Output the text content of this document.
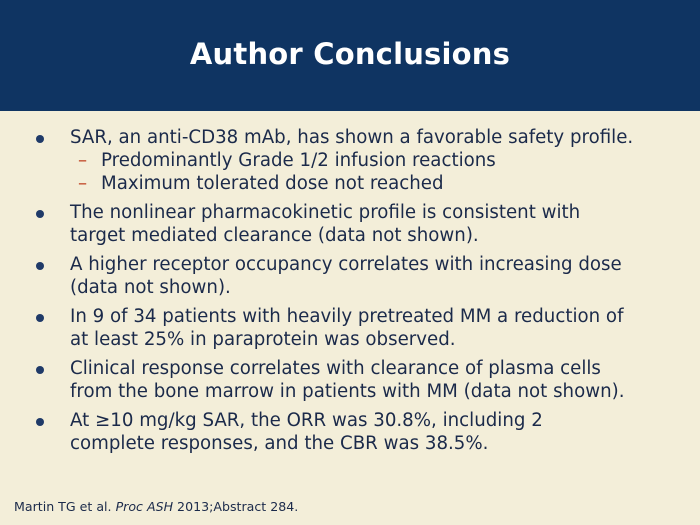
Author Conclusions
SAR, an anti-CD38 mAb, has shown a favorable safety profile.
– Predominantly Grade 1/2 infusion reactions
– Maximum tolerated dose not reached
The nonlinear pharmacokinetic profile is consistent with
target mediated clearance (data not shown).
A higher receptor occupancy correlates with increasing dose
(data not shown).
In 9 of 34 patients with heavily pretreated MM a reduction of
at least 25% in paraprotein was observed.
Clinical response correlates with clearance of plasma cells
from the bone marrow in patients with MM (data not shown).
At ≥10 mg/kg SAR, the ORR was 30.8%, including 2
complete responses, and the CBR was 38.5%.
Martin TG et al. Proc ASH 2013;Abstract 284.
